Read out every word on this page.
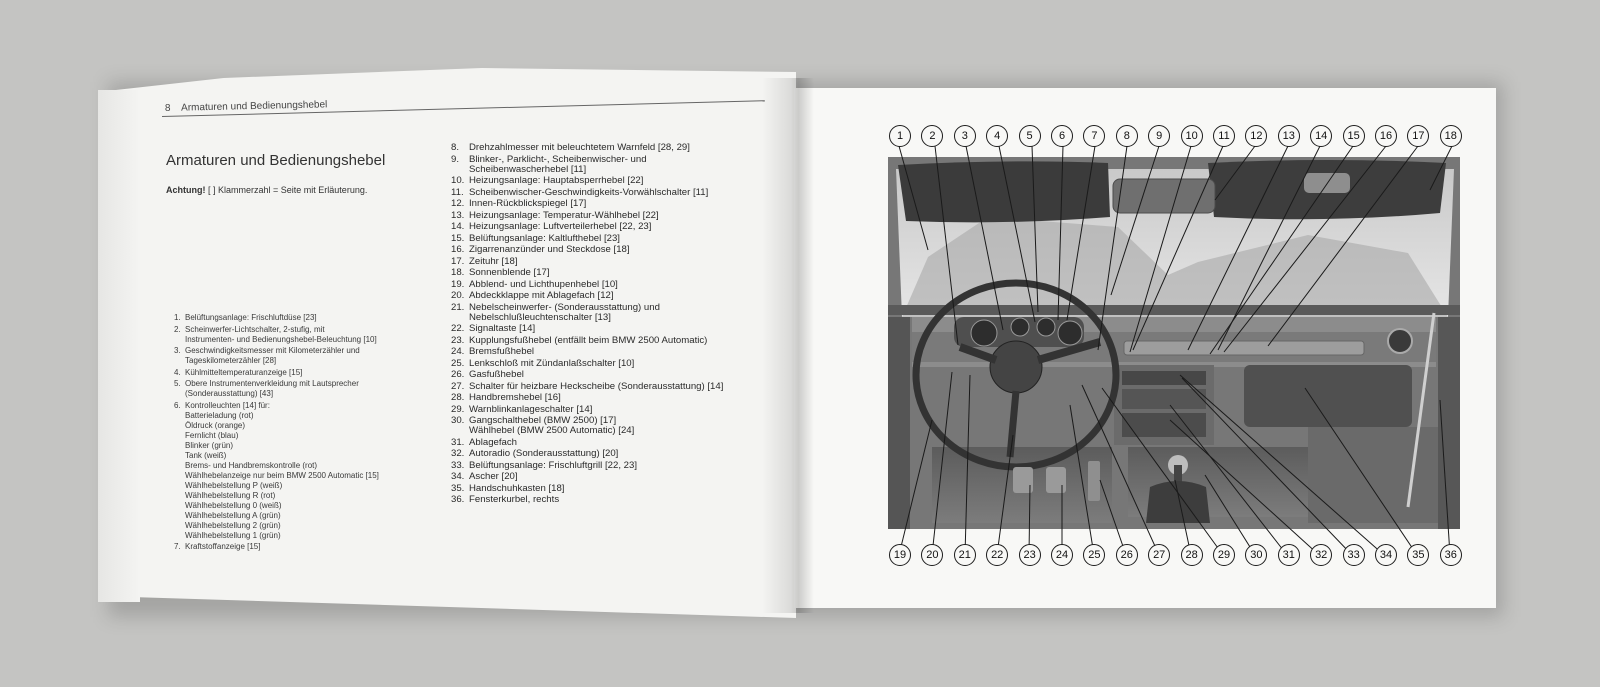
8 Armaturen und Bedienungshebel
Armaturen und Bedienungshebel
Achtung! [ ] Klammerzahl = Seite mit Erläuterung.
1. Belüftungsanlage: Frischluftdüse [23]
2. Scheinwerfer-Lichtschalter, 2-stufig, mit
Instrumenten- und Bedienungshebel-Beleuchtung [10]
3. Geschwindigkeitsmesser mit Kilometerzähler und
Tageskilometerzähler [28]
4. Kühlmitteltemperaturanzeige [15]
5. Obere Instrumentenverkleidung mit Lautsprecher
(Sonderausstattung) [43]
6. Kontrolleuchten [14] für:
Batterieladung (rot)
Öldruck (orange)
Fernlicht (blau)
Blinker (grün)
Tank (weiß)
Brems- und Handbremskontrolle (rot)
Wählhebelanzeige nur beim BMW 2500 Automatic [15]
Wählhebelstellung P (weiß)
Wählhebelstellung R (rot)
Wählhebelstellung 0 (weiß)
Wählhebelstellung A (grün)
Wählhebelstellung 2 (grün)
Wählhebelstellung 1 (grün)
7. Kraftstoffanzeige [15]
8.	Drehzahlmesser mit beleuchtetem Warnfeld [28, 29]
9.	Blinker-, Parklicht-, Scheibenwischer- und
Scheibenwascherhebel [11]
10. Heizungsanlage: Hauptabsperrhebel [22]
11. Scheibenwischer-Geschwindigkeits-Vorwählschalter [11]
12. Innen-Rückblickspiegel [17]
13. Heizungsanlage: Temperatur-Wählhebel [22]
14. Heizungsanlage: Luftverteilerhebel [22, 23]
15. Belüftungsanlage: Kaltlufthebel [23]
16. Zigarrenanzünder und Steckdose [18]
17. Zeituhr [18]
18. Sonnenblende [17]
19. Abblend- und Lichthupenhebel [10]
20. Abdeckklappe mit Ablagefach [12]
21. Nebelscheinwerfer- (Sonderausstattung) und
Nebelschlußleuchtenschalter [13]
22. Signaltaste [14]
23. Kupplungsfußhebel (entfällt beim BMW 2500 Automatic)
24. Bremsfußhebel
25. Lenkschloß mit Zündanlaßschalter [10]
26. Gasfußhebel
27. Schalter für heizbare Heckscheibe (Sonderausstattung) [14]
28. Handbremshebel [16]
29. Warnblinkanlageschalter [14]
30. Gangschalthebel (BMW 2500) [17]
Wählhebel (BMW 2500 Automatic) [24]
31. Ablagefach
32. Autoradio (Sonderausstattung) [20]
33. Belüftungsanlage: Frischluftgrill [22, 23]
34. Ascher [20]
35. Handschuhkasten [18]
36. Fensterkurbel, rechts
1	2	3	4	5	6	7	8	9	10	11	12	13	14	15	16	17	18
19	20	21	22	23	24	25	26	27	28	29	30	31	32	33	34	35	36
